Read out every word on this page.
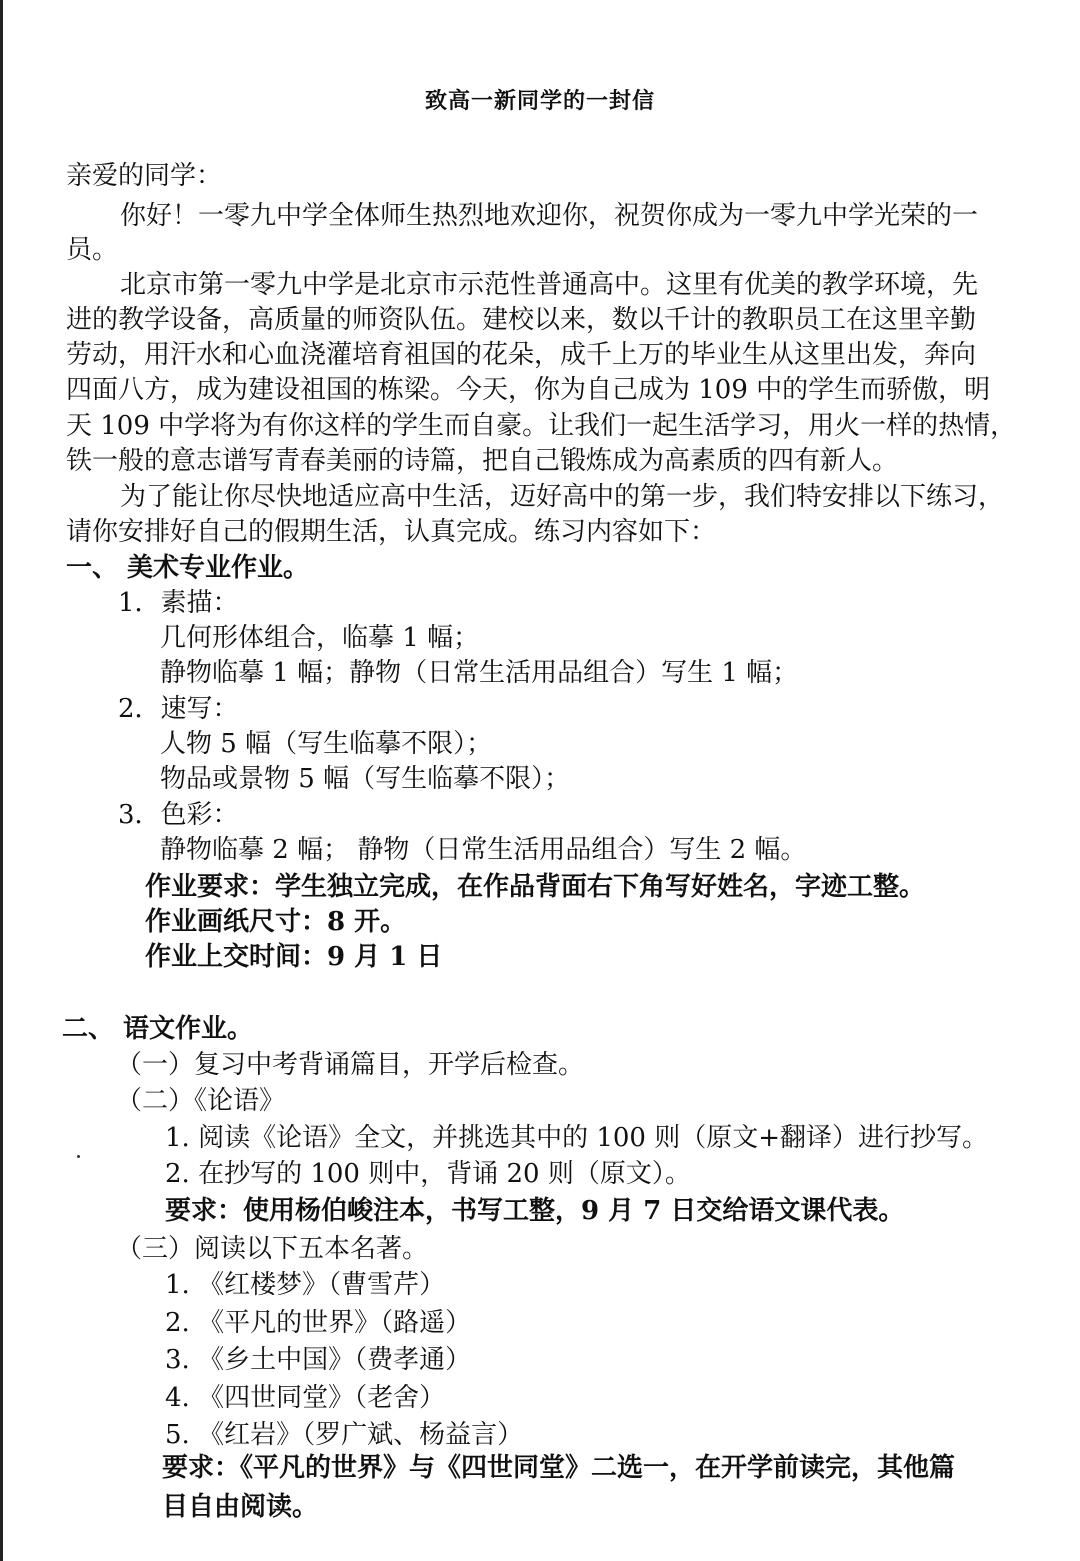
致高一新同学的一封信
亲爱的同学：
你好！一零九中学全体师生热烈地欢迎你，祝贺你成为一零九中学光荣的一
员。
北京市第一零九中学是北京市示范性普通高中。这里有优美的教学环境，先
进的教学设备，高质量的师资队伍。建校以来，数以千计的教职员工在这里辛勤
劳动，用汗水和心血浇灌培育祖国的花朵，成千上万的毕业生从这里出发，奔向
四面八方，成为建设祖国的栋梁。今天，你为自己成为 109 中的学生而骄傲，明
天 109 中学将为有你这样的学生而自豪。让我们一起生活学习，用火一样的热情，
铁一般的意志谱写青春美丽的诗篇，把自己锻炼成为高素质的四有新人。
为了能让你尽快地适应高中生活，迈好高中的第一步，我们特安排以下练习，
请你安排好自己的假期生活，认真完成。练习内容如下：
一、 美术专业作业。
1．素描：
几何形体组合，临摹 1 幅；
静物临摹 1 幅；静物（日常生活用品组合）写生 1 幅；
2．速写：
人物 5 幅（写生临摹不限）；
物品或景物 5 幅（写生临摹不限）；
3．色彩：
静物临摹 2 幅； 静物（日常生活用品组合）写生 2 幅。
作业要求：学生独立完成，在作品背面右下角写好姓名，字迹工整。
作业画纸尺寸：8 开。
作业上交时间：9 月 1 日
二、 语文作业。
（一）复习中考背诵篇目，开学后检查。
（二）《论语》
1. 阅读《论语》全文，并挑选其中的 100 则（原文+翻译）进行抄写。
2. 在抄写的 100 则中，背诵 20 则（原文）。
要求：使用杨伯峻注本，书写工整，9 月 7 日交给语文课代表。
（三）阅读以下五本名著。
1. 《红楼梦》（曹雪芹）
2. 《平凡的世界》（路遥）
3. 《乡土中国》（费孝通）
4. 《四世同堂》（老舍）
5. 《红岩》（罗广斌、杨益言）
要求：《平凡的世界》与《四世同堂》二选一，在开学前读完，其他篇
目自由阅读。
